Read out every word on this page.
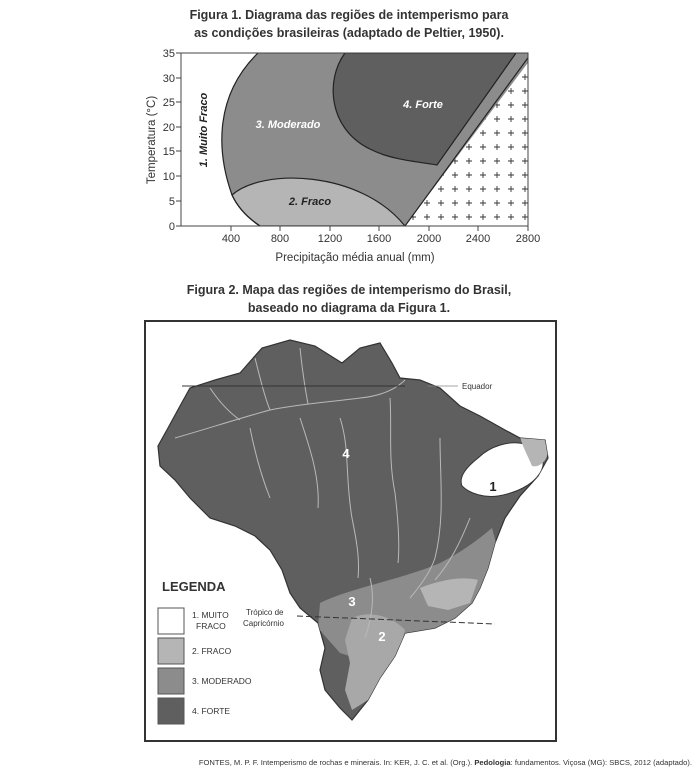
Figura 1. Diagrama das regiões de intemperismo para
as condições brasileiras (adaptado de Peltier, 1950).
0
5
10
15
20
25
30
35
400	800	1200 1600 2000 2400 2800
Precipitação média anual (mm)
Temperatura (°C)	1. Muito Fraco	3. Moderado
4. Forte
2. Fraco
Figura 2. Mapa das regiões de intemperismo do Brasil,
baseado no diagrama da Figura 1.
Equador
Trópico de
Capricórnio
4
1
3
2
LEGENDA
1. MUITO
FRACO
2. FRACO
3. MODERADO
4. FORTE
FONTES, M. P. F. Intemperismo de rochas e minerais. In: KER, J. C. et al. (Org.). Pedologia: fundamentos. Viçosa (MG): SBCS, 2012 (adaptado).
